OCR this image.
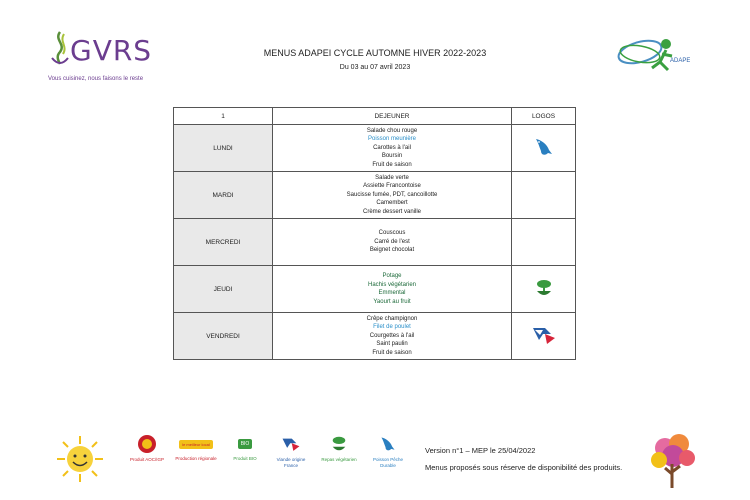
GVRS
Vous cuisinez, nous faisons le reste
MENUS ADAPEI CYCLE AUTOMNE HIVER 2022-2023
Du 03 au 07 avril 2023
ADAPEI
1	DEJEUNER	LOGOS
LUNDI	Salade chou rouge
Poisson meunière
Carottes à l'ail
Boursin
Fruit de saison

MARDI	Salade verte
Assiette Francontoise
Saucisse fumée, PDT, cancoillotte
Camembert
Crème dessert vanille	

MERCREDI	Couscous
Carré de l'est
Beignet chocolat	

JEUDI	Potage
Hachis végétarien
Emmental
Yaourt au fruit

VENDREDI	Crêpe champignon
Filet de poulet
Courgettes à l'ail
Saint paulin
Fruit de saison

Produit AOC/IGP
le meilleur local
Production régionale
BIO
Produit BIO	Viande origine France
Repas végétarien	Poisson Pêche Durable
Version n°1 – MEP le 25/04/2022
Menus proposés sous réserve de disponibilité des produits.
